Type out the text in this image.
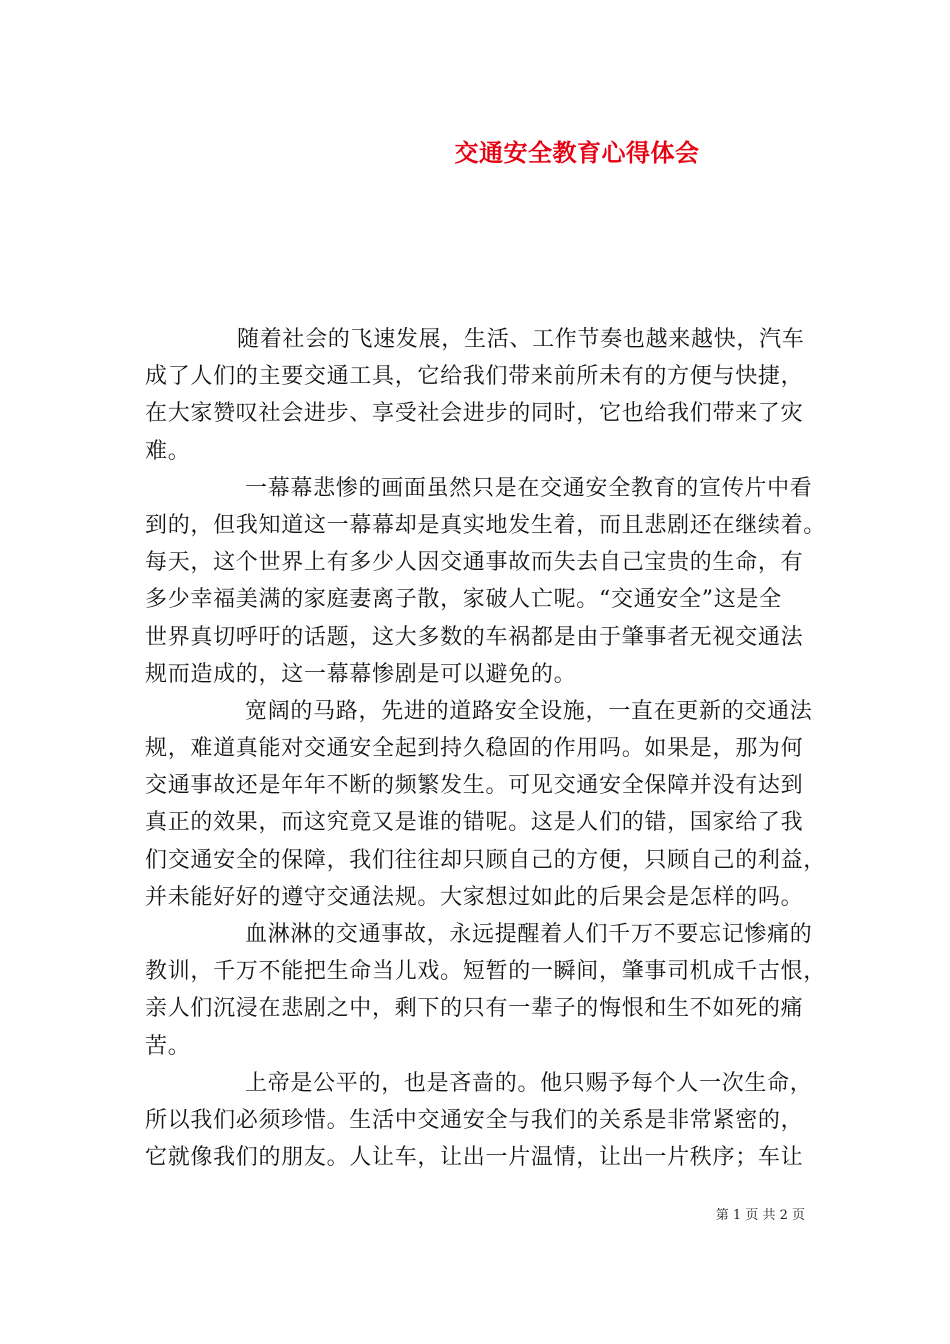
交通安全教育心得体会
随着社会的飞速发展，生活、工作节奏也越来越快，汽车
成了人们的主要交通工具，它给我们带来前所未有的方便与快捷，
在大家赞叹社会进步、享受社会进步的同时，它也给我们带来了灾
难。
一幕幕悲惨的画面虽然只是在交通安全教育的宣传片中看
到的，但我知道这一幕幕却是真实地发生着，而且悲剧还在继续着。
每天，这个世界上有多少人因交通事故而失去自己宝贵的生命，有
多少幸福美满的家庭妻离子散，家破人亡呢。“交通安全”这是全
世界真切呼吁的话题，这大多数的车祸都是由于肇事者无视交通法
规而造成的，这一幕幕惨剧是可以避免的。
宽阔的马路，先进的道路安全设施，一直在更新的交通法
规，难道真能对交通安全起到持久稳固的作用吗。如果是，那为何
交通事故还是年年不断的频繁发生。可见交通安全保障并没有达到
真正的效果，而这究竟又是谁的错呢。这是人们的错，国家给了我
们交通安全的保障，我们往往却只顾自己的方便，只顾自己的利益，
并未能好好的遵守交通法规。大家想过如此的后果会是怎样的吗。
血淋淋的交通事故，永远提醒着人们千万不要忘记惨痛的
教训，千万不能把生命当儿戏。短暂的一瞬间，肇事司机成千古恨，
亲人们沉浸在悲剧之中，剩下的只有一辈子的悔恨和生不如死的痛
苦。
上帝是公平的，也是吝啬的。他只赐予每个人一次生命，
所以我们必须珍惜。生活中交通安全与我们的关系是非常紧密的，
它就像我们的朋友。人让车，让出一片温情，让出一片秩序；车让
第 1 页 共 2 页
